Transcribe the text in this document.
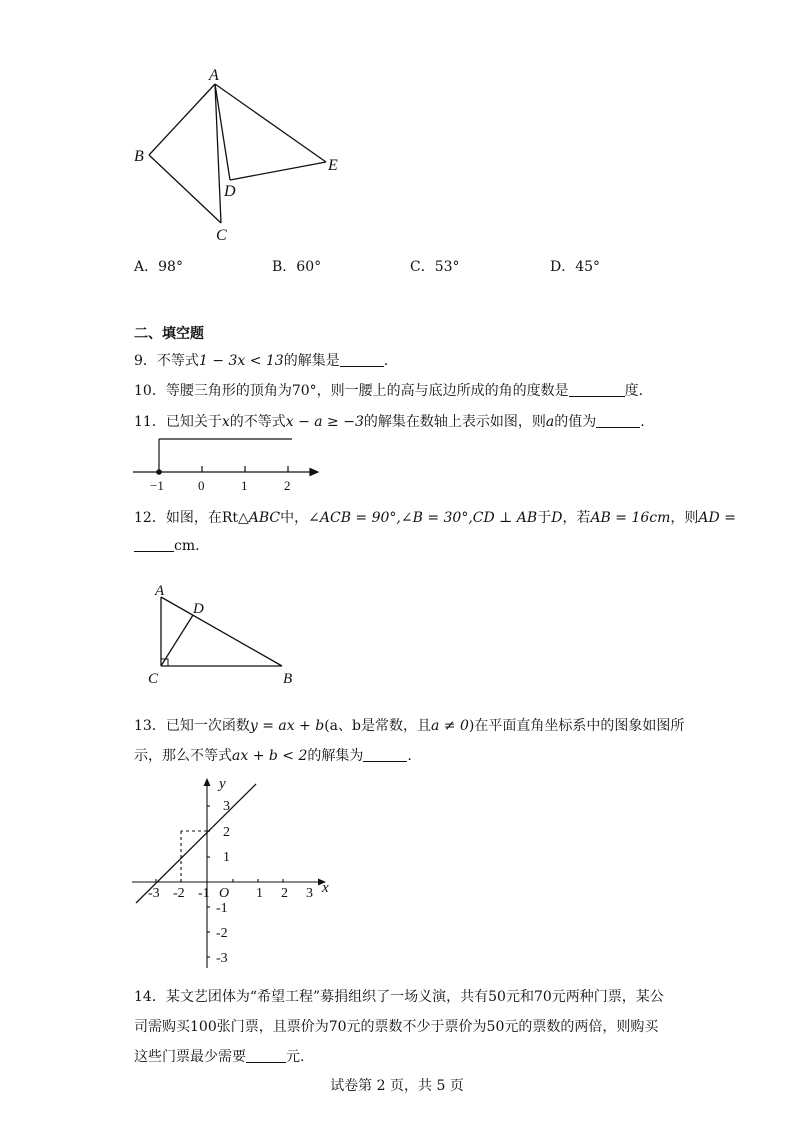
A
B
C
D
E
A．98°	B．60°	C．53°	D．45°
二、填空题
9．不等式1 − 3x < 13的解集是	.
10．等腰三角形的顶角为70°，则一腰上的高与底边所成的角的度数是	度.
11．已知关于x的不等式x − a ≥ −3的解集在数轴上表示如图，则a的值为	.
−1	0	1	2
12．如图，在Rt△ABC中，∠ACB = 90°,∠B = 30°,CD ⊥ AB于D，若AB = 16cm，则AD =
cm.
A
D
C	B
13．已知一次函数y = ax + b(a、b是常数，且a ≠ 0)在平面直角坐标系中的图象如图所
示，那么不等式ax + b < 2的解集为	.
x
y
O
-3 -2 -1	1 2 3
3
2
1
-1
-2
-3
14．某文艺团体为“希望工程”募捐组织了一场义演，共有50元和70元两种门票，某公
司需购买100张门票，且票价为70元的票数不少于票价为50元的票数的两倍，则购买
这些门票最少需要	元.
试卷第 2 页，共 5 页
